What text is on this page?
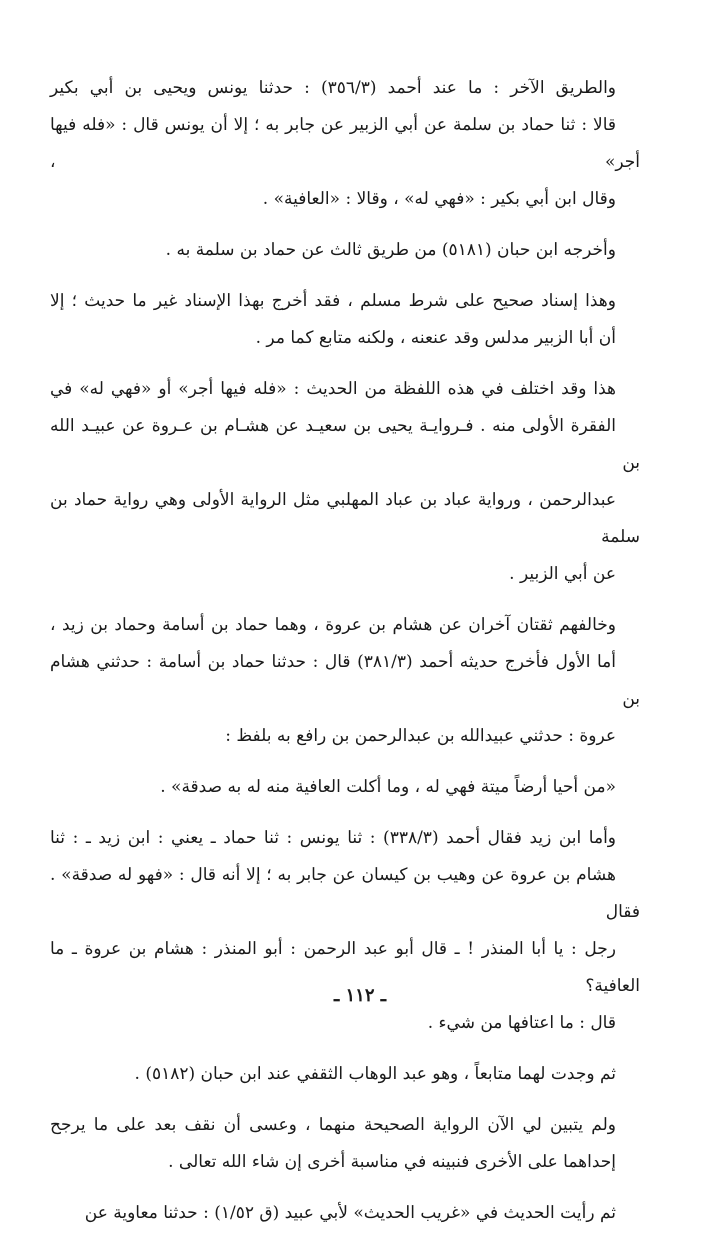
والطريق الآخر : ما عند أحمد (٣٥٦/٣) : حدثنا يونس ويحيى بن أبي بكير
قالا : ثنا حماد بن سلمة عن أبي الزبير عن جابر به ؛ إلا أن يونس قال : «فله فيها أجر» ،
وقال ابن أبي بكير : «فهي له» ، وقالا : «العافية» .

وأخرجه ابن حبان (٥١٨١) من طريق ثالث عن حماد بن سلمة به .

وهذا إسناد صحيح على شرط مسلم ، فقد أخرج بهذا الإسناد غير ما حديث ؛ إلا
أن أبا الزبير مدلس وقد عنعنه ، ولكنه متابع كما مر .

هذا وقد اختلف في هذه اللفظة من الحديث : «فله فيها أجر» أو «فهي له» في
الفقرة الأولى منه . فـروايـة يحيى بن سعيـد عن هشـام بن عـروة عن عبيـد الله بن
عبدالرحمن ، ورواية عباد بن عباد المهلبي مثل الرواية الأولى وهي رواية حماد بن سلمة
عن أبي الزبير .

وخالفهم ثقتان آخران عن هشام بن عروة ، وهما حماد بن أسامة وحماد بن زيد ،
أما الأول فأخرج حديثه أحمد (٣٨١/٣) قال : حدثنا حماد بن أسامة : حدثني هشام بن
عروة : حدثني عبيدالله بن عبدالرحمن بن رافع به بلفظ :

«من أحيا أرضاً ميتة فهي له ، وما أكلت العافية منه له به صدقة» .

وأما ابن زيد فقال أحمد (٣٣٨/٣) : ثنا يونس : ثنا حماد ـ يعني : ابن زيد ـ : ثنا
هشام بن عروة عن وهيب بن كيسان عن جابر به ؛ إلا أنه قال : «فهو له صدقة» . فقال
رجل : يا أبا المنذر ! ـ قال أبو عبد الرحمن : أبو المنذر : هشام بن عروة ـ ما العافية؟
قال : ما اعتافها من شيء .

ثم وجدت لهما متابعاً ، وهو عبد الوهاب الثقفي عند ابن حبان (٥١٨٢) .

ولم يتبين لي الآن الرواية الصحيحة منهما ، وعسى أن نقف بعد على ما يرجح
إحداهما على الأخرى فنبينه في مناسبة أخرى إن شاء الله تعالى .

ثم رأيت الحديث في «غريب الحديث» لأبي عبيد (ق ١/٥٢) : حدثنا معاوية عن

ـ ١١٢ ـ
